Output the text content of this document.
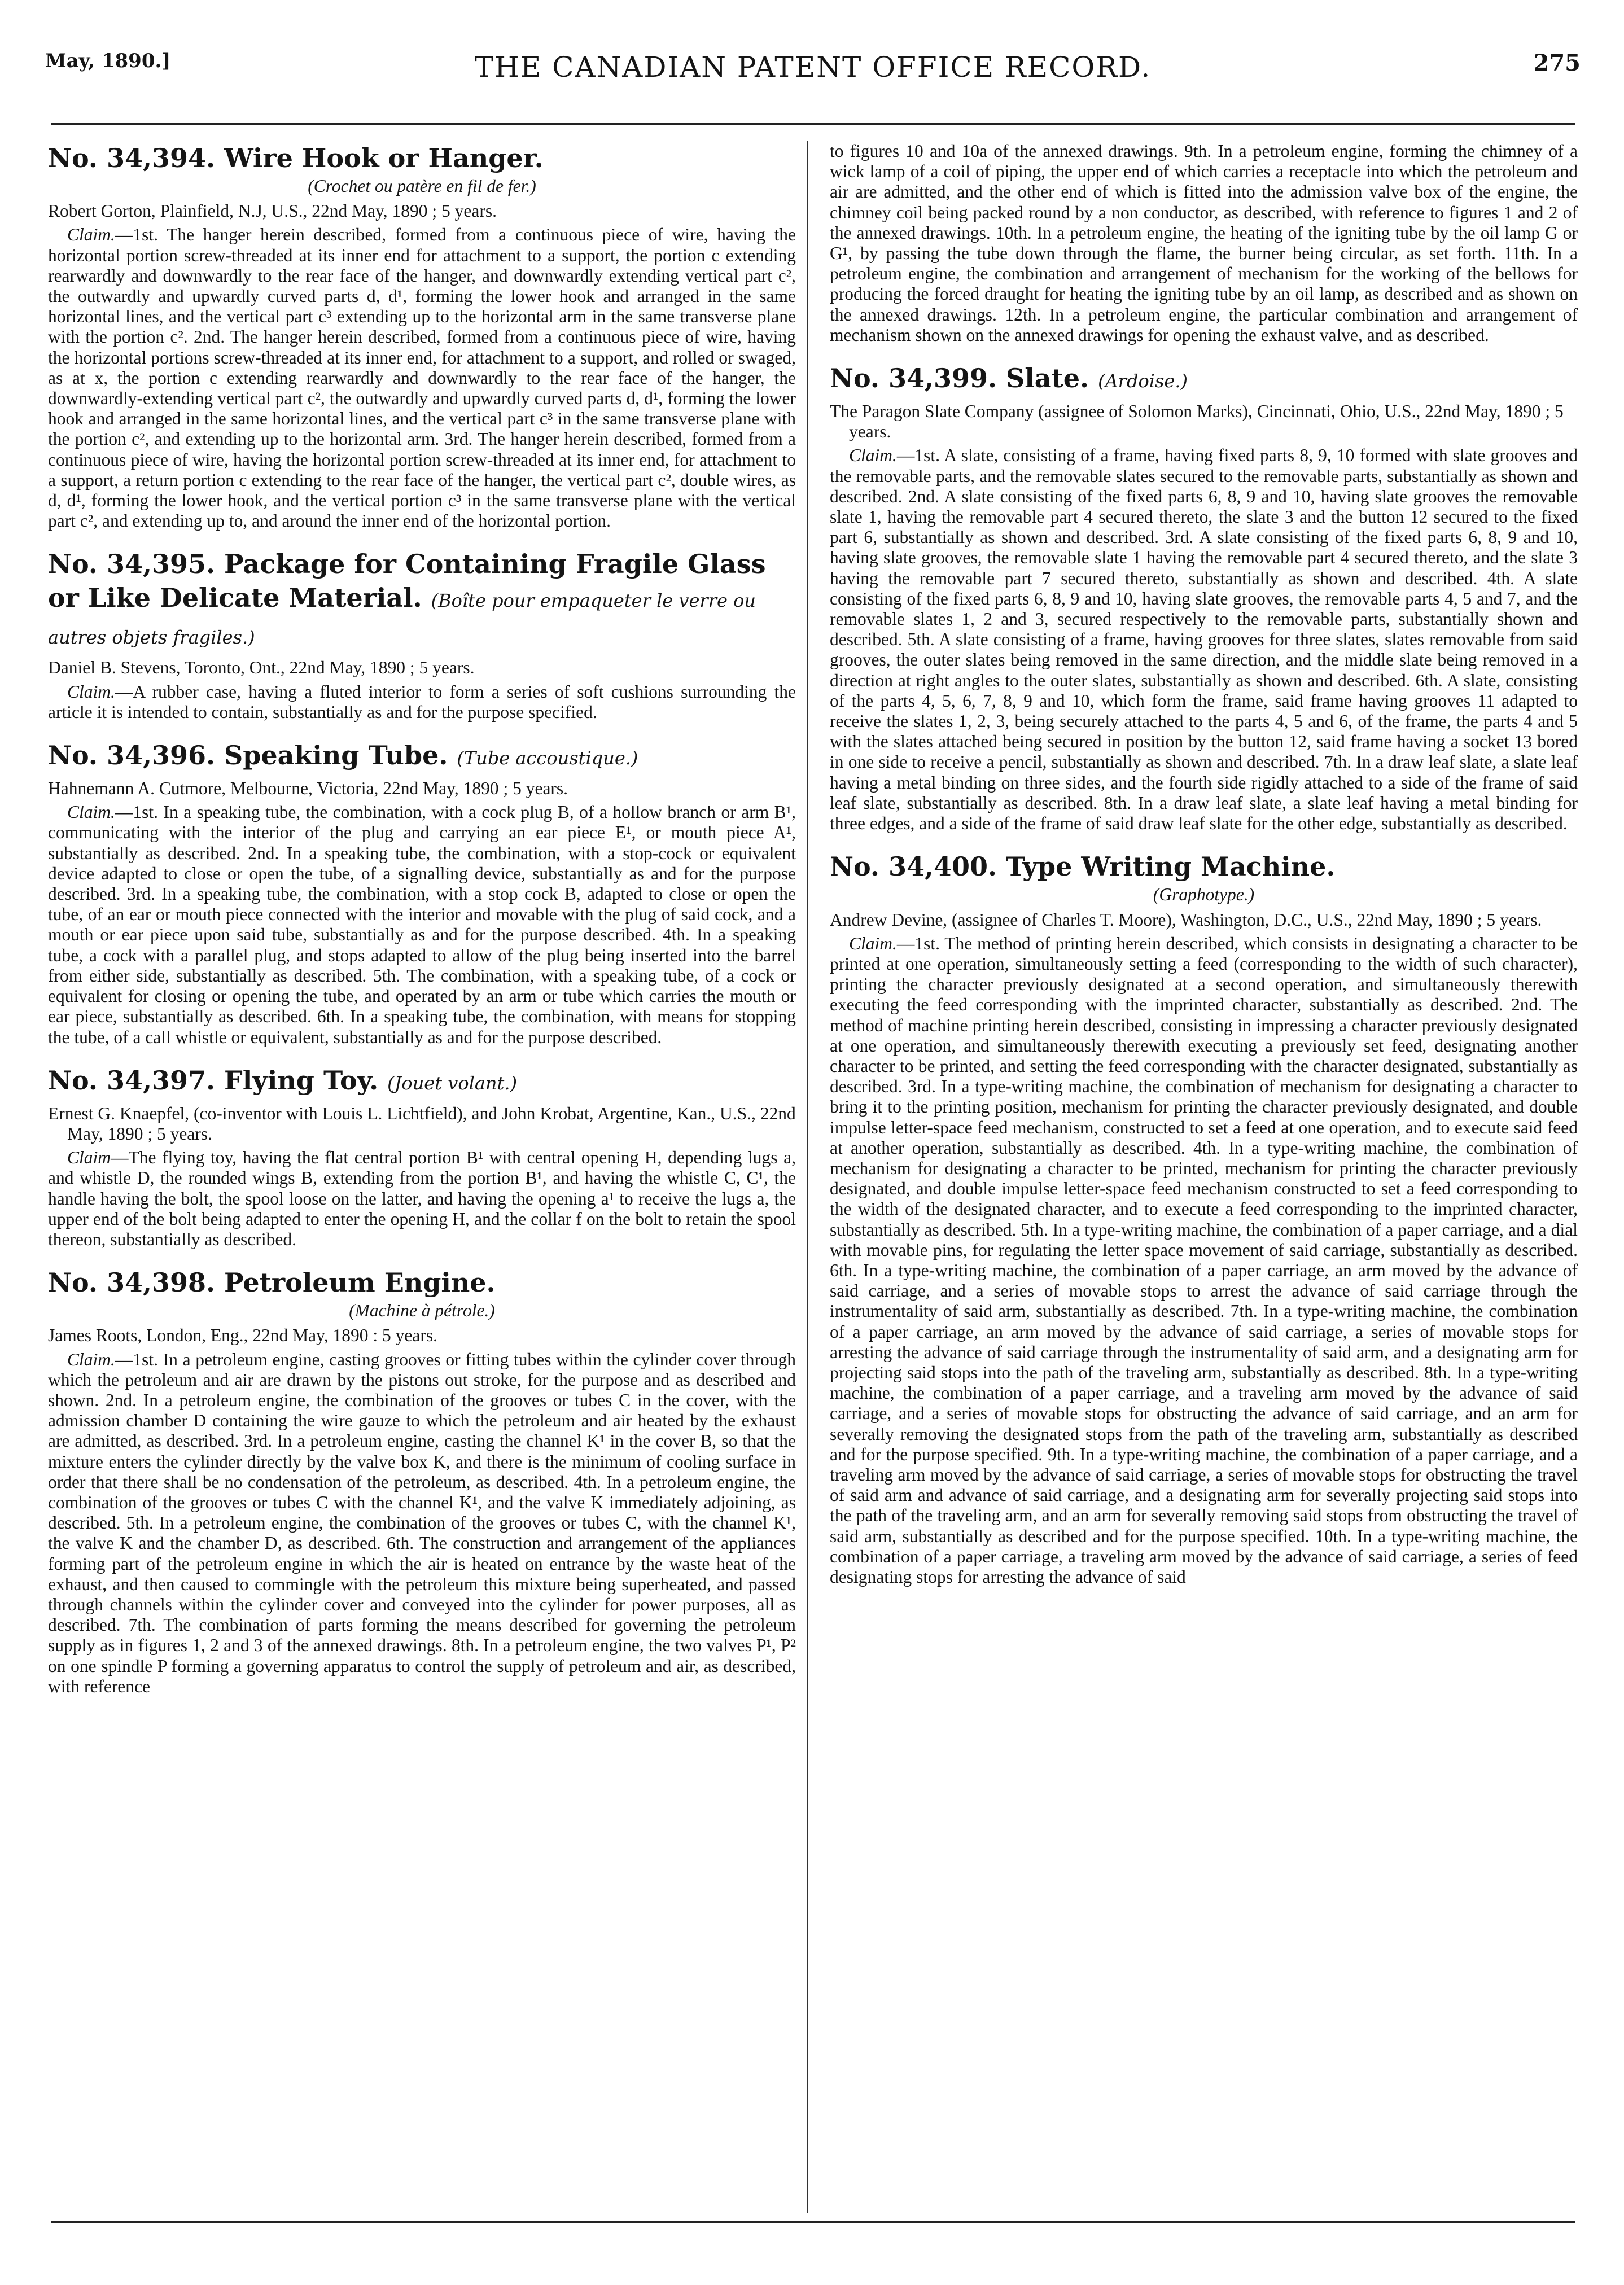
May, 1890.]	THE CANADIAN PATENT OFFICE RECORD.	275
No. 34,394. Wire Hook or Hanger.
(Crochet ou patère en fil de fer.)
Robert Gorton, Plainfield, N.J, U.S., 22nd May, 1890 ; 5 years.

Claim.—1st. The hanger herein described, formed from a continuous piece of wire, having the horizontal portion screw-threaded at its inner end for attachment to a support, the portion c extending rearwardly and downwardly to the rear face of the hanger, and downwardly extending vertical part c², the outwardly and upwardly curved parts d, d¹, forming the lower hook and arranged in the same horizontal lines, and the vertical part c³ extending up to the horizontal arm in the same transverse plane with the portion c². 2nd. The hanger herein described, formed from a continuous piece of wire, having the horizontal portions screw-threaded at its inner end, for attachment to a support, and rolled or swaged, as at x, the portion c extending rearwardly and downwardly to the rear face of the hanger, the downwardly-extending vertical part c², the outwardly and upwardly curved parts d, d¹, forming the lower hook and arranged in the same horizontal lines, and the vertical part c³ in the same transverse plane with the portion c², and extending up to the horizontal arm. 3rd. The hanger herein described, formed from a continuous piece of wire, having the horizontal portion screw-threaded at its inner end, for attachment to a support, a return portion c extending to the rear face of the hanger, the vertical part c², double wires, as d, d¹, forming the lower hook, and the vertical portion c³ in the same transverse plane with the vertical part c², and extending up to, and around the inner end of the horizontal portion.

No. 34,395. Package for Containing Fragile Glass or Like Delicate Material. (Boîte pour empaqueter le verre ou autres objets fragiles.)
Daniel B. Stevens, Toronto, Ont., 22nd May, 1890 ; 5 years.

Claim.—A rubber case, having a fluted interior to form a series of soft cushions surrounding the article it is intended to contain, substantially as and for the purpose specified.

No. 34,396. Speaking Tube. (Tube accoustique.)
Hahnemann A. Cutmore, Melbourne, Victoria, 22nd May, 1890 ; 5 years.

Claim.—1st. In a speaking tube, the combination, with a cock plug B, of a hollow branch or arm B¹, communicating with the interior of the plug and carrying an ear piece E¹, or mouth piece A¹, substantially as described. 2nd. In a speaking tube, the combination, with a stop-cock or equivalent device adapted to close or open the tube, of a signalling device, substantially as and for the purpose described. 3rd. In a speaking tube, the combination, with a stop cock B, adapted to close or open the tube, of an ear or mouth piece connected with the interior and movable with the plug of said cock, and a mouth or ear piece upon said tube, substantially as and for the purpose described. 4th. In a speaking tube, a cock with a parallel plug, and stops adapted to allow of the plug being inserted into the barrel from either side, substantially as described. 5th. The combination, with a speaking tube, of a cock or equivalent for closing or opening the tube, and operated by an arm or tube which carries the mouth or ear piece, substantially as described. 6th. In a speaking tube, the combination, with means for stopping the tube, of a call whistle or equivalent, substantially as and for the purpose described.

No. 34,397. Flying Toy. (Jouet volant.)
Ernest G. Knaepfel, (co-inventor with Louis L. Lichtfield), and John Krobat, Argentine, Kan., U.S., 22nd May, 1890 ; 5 years.

Claim—The flying toy, having the flat central portion B¹ with central opening H, depending lugs a, and whistle D, the rounded wings B, extending from the portion B¹, and having the whistle C, C¹, the handle having the bolt, the spool loose on the latter, and having the opening a¹ to receive the lugs a, the upper end of the bolt being adapted to enter the opening H, and the collar f on the bolt to retain the spool thereon, substantially as described.

No. 34,398. Petroleum Engine.
(Machine à pétrole.)
James Roots, London, Eng., 22nd May, 1890 : 5 years.

Claim.—1st. In a petroleum engine, casting grooves or fitting tubes within the cylinder cover through which the petroleum and air are drawn by the pistons out stroke, for the purpose and as described and shown. 2nd. In a petroleum engine, the combination of the grooves or tubes C in the cover, with the admission chamber D containing the wire gauze to which the petroleum and air heated by the exhaust are admitted, as described. 3rd. In a petroleum engine, casting the channel K¹ in the cover B, so that the mixture enters the cylinder directly by the valve box K, and there is the minimum of cooling surface in order that there shall be no condensation of the petroleum, as described. 4th. In a petroleum engine, the combination of the grooves or tubes C with the channel K¹, and the valve K immediately adjoining, as described. 5th. In a petroleum engine, the combination of the grooves or tubes C, with the channel K¹, the valve K and the chamber D, as described. 6th. The construction and arrangement of the appliances forming part of the petroleum engine in which the air is heated on entrance by the waste heat of the exhaust, and then caused to commingle with the petroleum this mixture being superheated, and passed through channels within the cylinder cover and conveyed into the cylinder for power purposes, all as described. 7th. The combination of parts forming the means described for governing the petroleum supply as in figures 1, 2 and 3 of the annexed drawings. 8th. In a petroleum engine, the two valves P¹, P² on one spindle P forming a governing apparatus to control the supply of petroleum and air, as described, with reference

to figures 10 and 10a of the annexed drawings. 9th. In a petroleum engine, forming the chimney of a wick lamp of a coil of piping, the upper end of which carries a receptacle into which the petroleum and air are admitted, and the other end of which is fitted into the admission valve box of the engine, the chimney coil being packed round by a non conductor, as described, with reference to figures 1 and 2 of the annexed drawings. 10th. In a petroleum engine, the heating of the igniting tube by the oil lamp G or G¹, by passing the tube down through the flame, the burner being circular, as set forth. 11th. In a petroleum engine, the combination and arrangement of mechanism for the working of the bellows for producing the forced draught for heating the igniting tube by an oil lamp, as described and as shown on the annexed drawings. 12th. In a petroleum engine, the particular combination and arrangement of mechanism shown on the annexed drawings for opening the exhaust valve, and as described.

No. 34,399. Slate. (Ardoise.)
The Paragon Slate Company (assignee of Solomon Marks), Cincinnati, Ohio, U.S., 22nd May, 1890 ; 5 years.

Claim.—1st. A slate, consisting of a frame, having fixed parts 8, 9, 10 formed with slate grooves and the removable parts, and the removable slates secured to the removable parts, substantially as shown and described. 2nd. A slate consisting of the fixed parts 6, 8, 9 and 10, having slate grooves the removable slate 1, having the removable part 4 secured thereto, the slate 3 and the button 12 secured to the fixed part 6, substantially as shown and described. 3rd. A slate consisting of the fixed parts 6, 8, 9 and 10, having slate grooves, the removable slate 1 having the removable part 4 secured thereto, and the slate 3 having the removable part 7 secured thereto, substantially as shown and described. 4th. A slate consisting of the fixed parts 6, 8, 9 and 10, having slate grooves, the removable parts 4, 5 and 7, and the removable slates 1, 2 and 3, secured respectively to the removable parts, substantially shown and described. 5th. A slate consisting of a frame, having grooves for three slates, slates removable from said grooves, the outer slates being removed in the same direction, and the middle slate being removed in a direction at right angles to the outer slates, substantially as shown and described. 6th. A slate, consisting of the parts 4, 5, 6, 7, 8, 9 and 10, which form the frame, said frame having grooves 11 adapted to receive the slates 1, 2, 3, being securely attached to the parts 4, 5 and 6, of the frame, the parts 4 and 5 with the slates attached being secured in position by the button 12, said frame having a socket 13 bored in one side to receive a pencil, substantially as shown and described. 7th. In a draw leaf slate, a slate leaf having a metal binding on three sides, and the fourth side rigidly attached to a side of the frame of said leaf slate, substantially as described. 8th. In a draw leaf slate, a slate leaf having a metal binding for three edges, and a side of the frame of said draw leaf slate for the other edge, substantially as described.

No. 34,400. Type Writing Machine.
(Graphotype.)
Andrew Devine, (assignee of Charles T. Moore), Washington, D.C., U.S., 22nd May, 1890 ; 5 years.

Claim.—1st. The method of printing herein described, which consists in designating a character to be printed at one operation, simultaneously setting a feed (corresponding to the width of such character), printing the character previously designated at a second operation, and simultaneously therewith executing the feed corresponding with the imprinted character, substantially as described. 2nd. The method of machine printing herein described, consisting in impressing a character previously designated at one operation, and simultaneously therewith executing a previously set feed, designating another character to be printed, and setting the feed corresponding with the character designated, substantially as described. 3rd. In a type-writing machine, the combination of mechanism for designating a character to bring it to the printing position, mechanism for printing the character previously designated, and double impulse letter-space feed mechanism, constructed to set a feed at one operation, and to execute said feed at another operation, substantially as described. 4th. In a type-writing machine, the combination of mechanism for designating a character to be printed, mechanism for printing the character previously designated, and double impulse letter-space feed mechanism constructed to set a feed corresponding to the width of the designated character, and to execute a feed corresponding to the imprinted character, substantially as described. 5th. In a type-writing machine, the combination of a paper carriage, and a dial with movable pins, for regulating the letter space movement of said carriage, substantially as described. 6th. In a type-writing machine, the combination of a paper carriage, an arm moved by the advance of said carriage, and a series of movable stops to arrest the advance of said carriage through the instrumentality of said arm, substantially as described. 7th. In a type-writing machine, the combination of a paper carriage, an arm moved by the advance of said carriage, a series of movable stops for arresting the advance of said carriage through the instrumentality of said arm, and a designating arm for projecting said stops into the path of the traveling arm, substantially as described. 8th. In a type-writing machine, the combination of a paper carriage, and a traveling arm moved by the advance of said carriage, and a series of movable stops for obstructing the advance of said carriage, and an arm for severally removing the designated stops from the path of the traveling arm, substantially as described and for the purpose specified. 9th. In a type-writing machine, the combination of a paper carriage, and a traveling arm moved by the advance of said carriage, a series of movable stops for obstructing the travel of said arm and advance of said carriage, and a designating arm for severally projecting said stops into the path of the traveling arm, and an arm for severally removing said stops from obstructing the travel of said arm, substantially as described and for the purpose specified. 10th. In a type-writing machine, the combination of a paper carriage, a traveling arm moved by the advance of said carriage, a series of feed designating stops for arresting the advance of said
